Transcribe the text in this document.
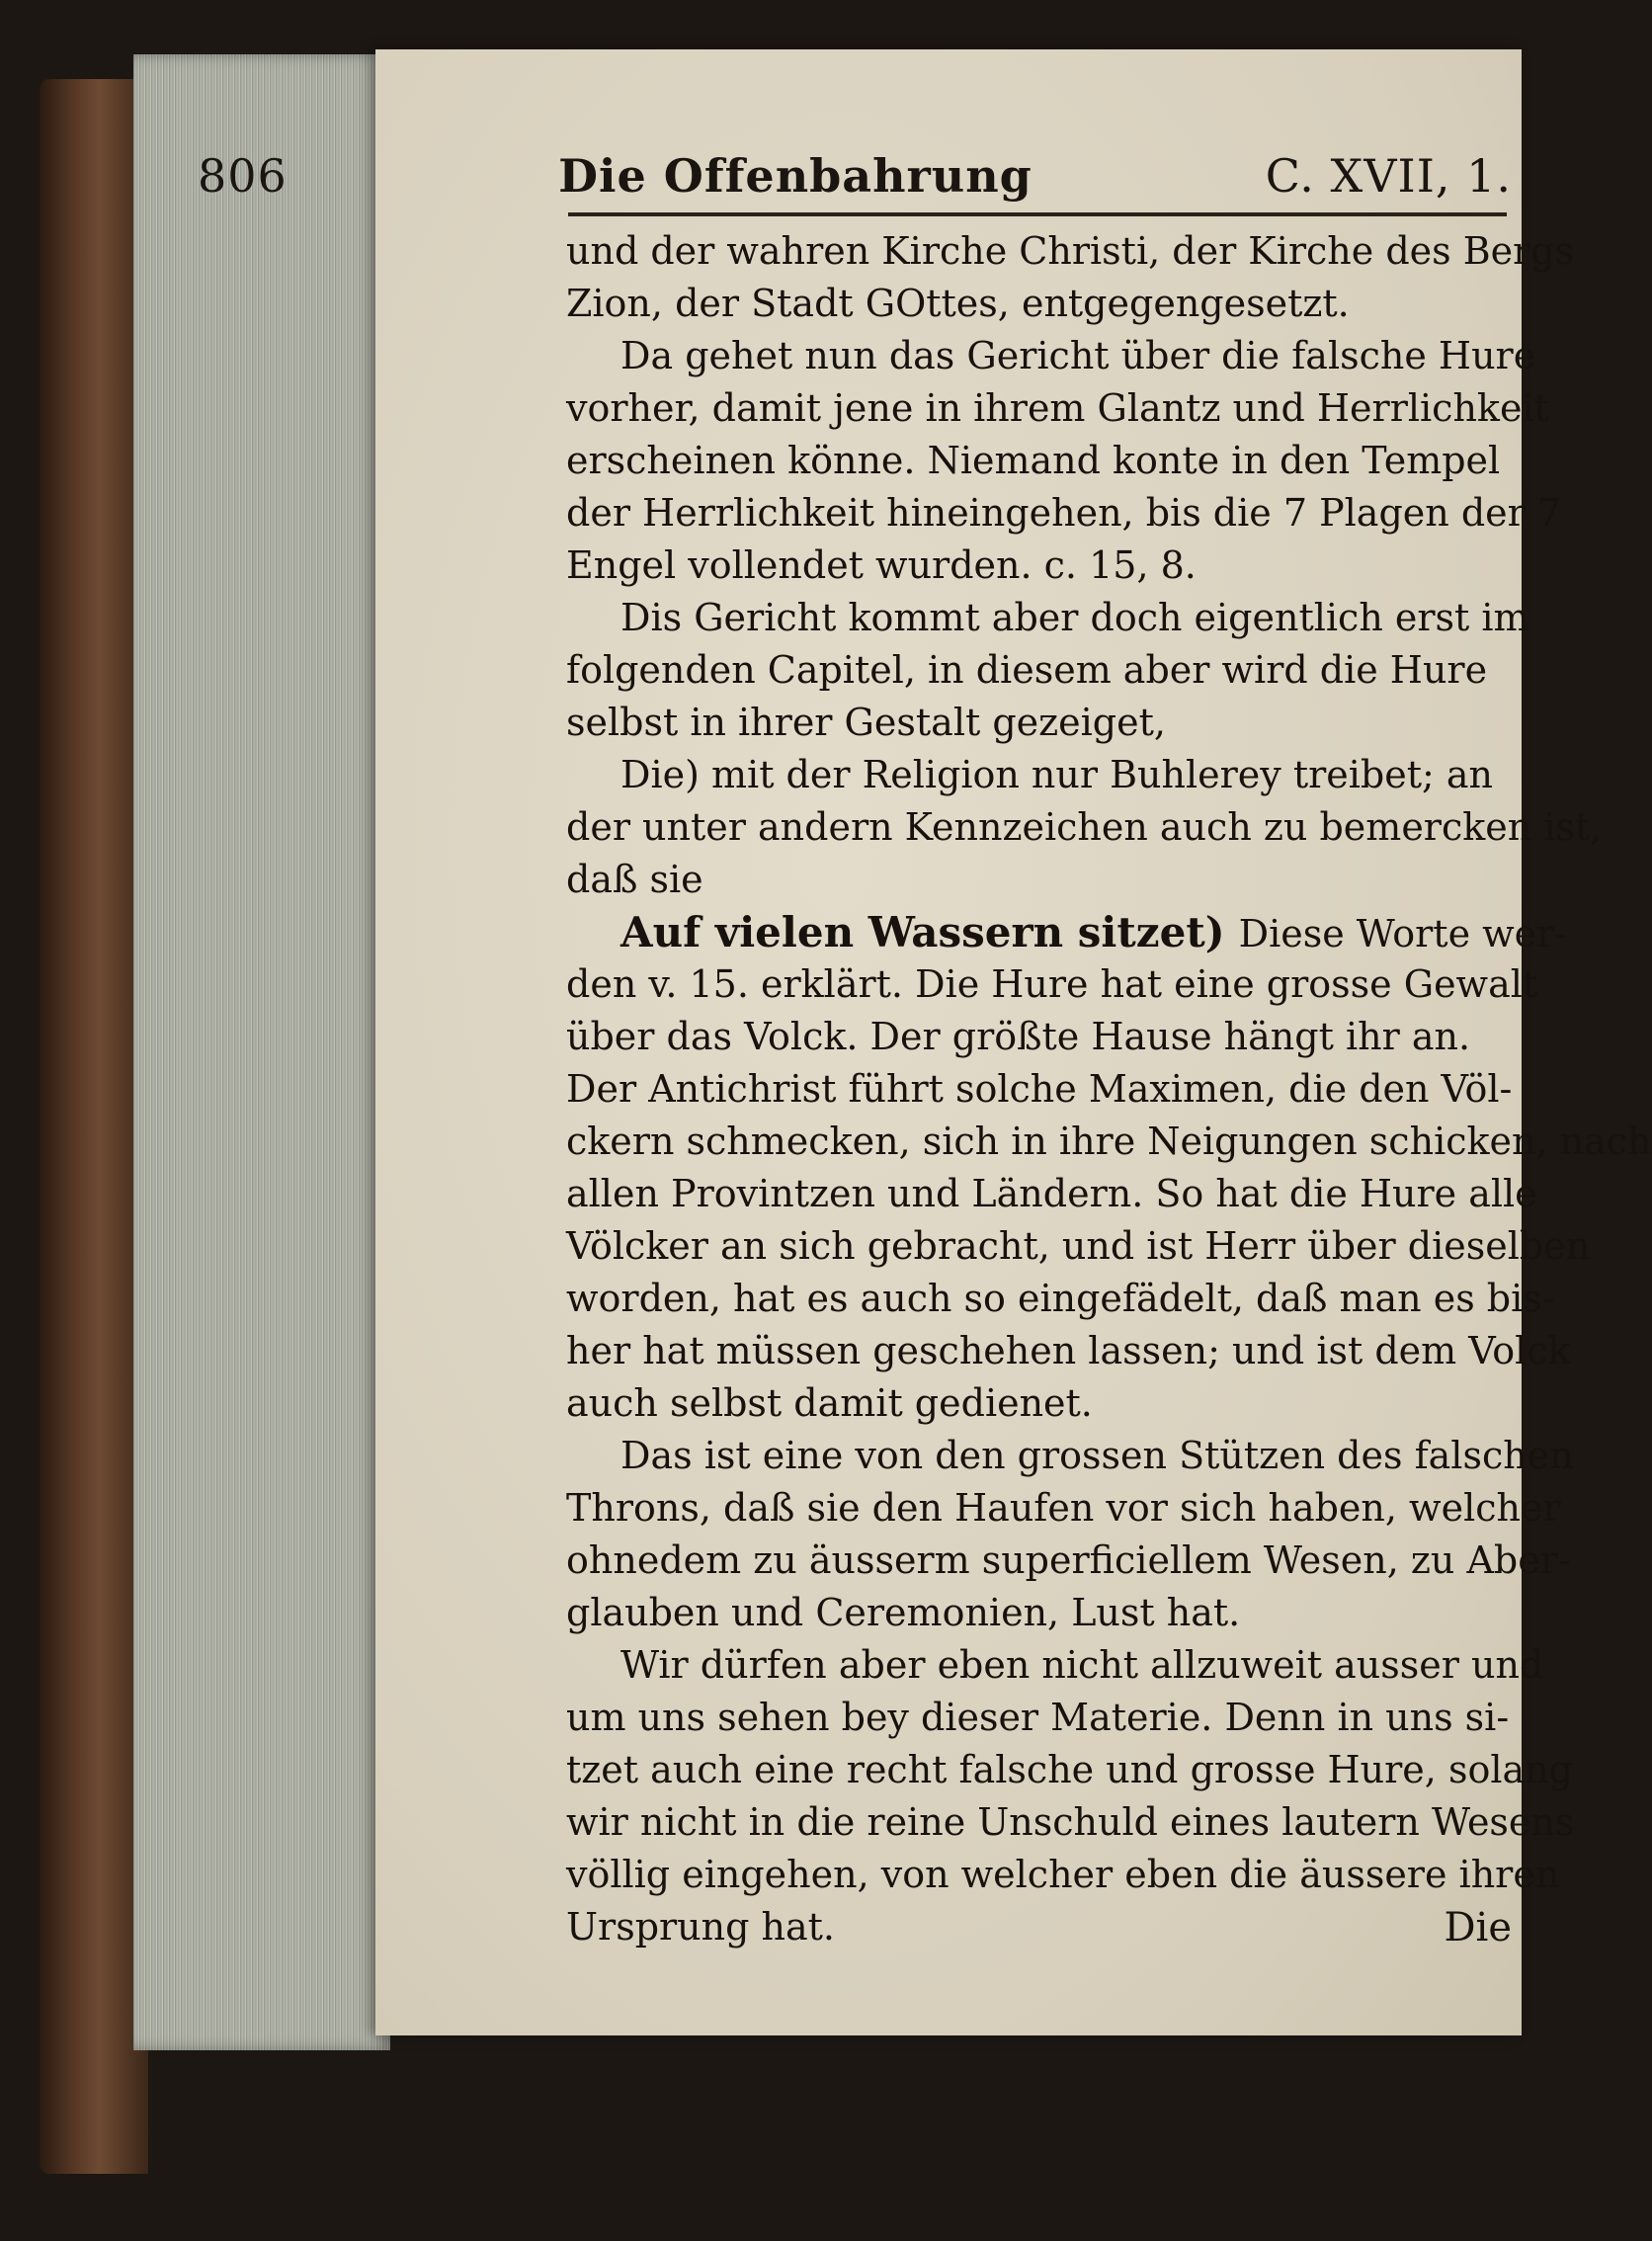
806	Die Offenbahrung	C. XVII, 1.
und der wahren Kirche Christi, der Kirche des Bergs
Zion, der Stadt GOttes, entgegengesetzt.
Da gehet nun das Gericht über die falsche Hure
vorher, damit jene in ihrem Glantz und Herrlichkeit
erscheinen könne. Niemand konte in den Tempel
der Herrlichkeit hineingehen, bis die 7 Plagen der 7
Engel vollendet wurden. c. 15, 8.
Dis Gericht kommt aber doch eigentlich erst im
folgenden Capitel, in diesem aber wird die Hure
selbst in ihrer Gestalt gezeiget,
Die) mit der Religion nur Buhlerey treibet; an
der unter andern Kennzeichen auch zu bemercken ist,
daß sie
Auf vielen Wassern sitzet) Diese Worte wer-
den v. 15. erklärt. Die Hure hat eine grosse Gewalt
über das Volck. Der größte Hause hängt ihr an.
Der Antichrist führt solche Maximen, die den Völ-
ckern schmecken, sich in ihre Neigungen schicken, nach
allen Provintzen und Ländern. So hat die Hure alle
Völcker an sich gebracht, und ist Herr über dieselben
worden, hat es auch so eingefädelt, daß man es bis-
her hat müssen geschehen lassen; und ist dem Volck
auch selbst damit gedienet.
Das ist eine von den grossen Stützen des falschen
Throns, daß sie den Haufen vor sich haben, welcher
ohnedem zu äusserm superficiellem Wesen, zu Aber-
glauben und Ceremonien, Lust hat.
Wir dürfen aber eben nicht allzuweit ausser und
um uns sehen bey dieser Materie. Denn in uns si-
tzet auch eine recht falsche und grosse Hure, solang
wir nicht in die reine Unschuld eines lautern Wesens
völlig eingehen, von welcher eben die äussere ihren
Ursprung hat.	Die
